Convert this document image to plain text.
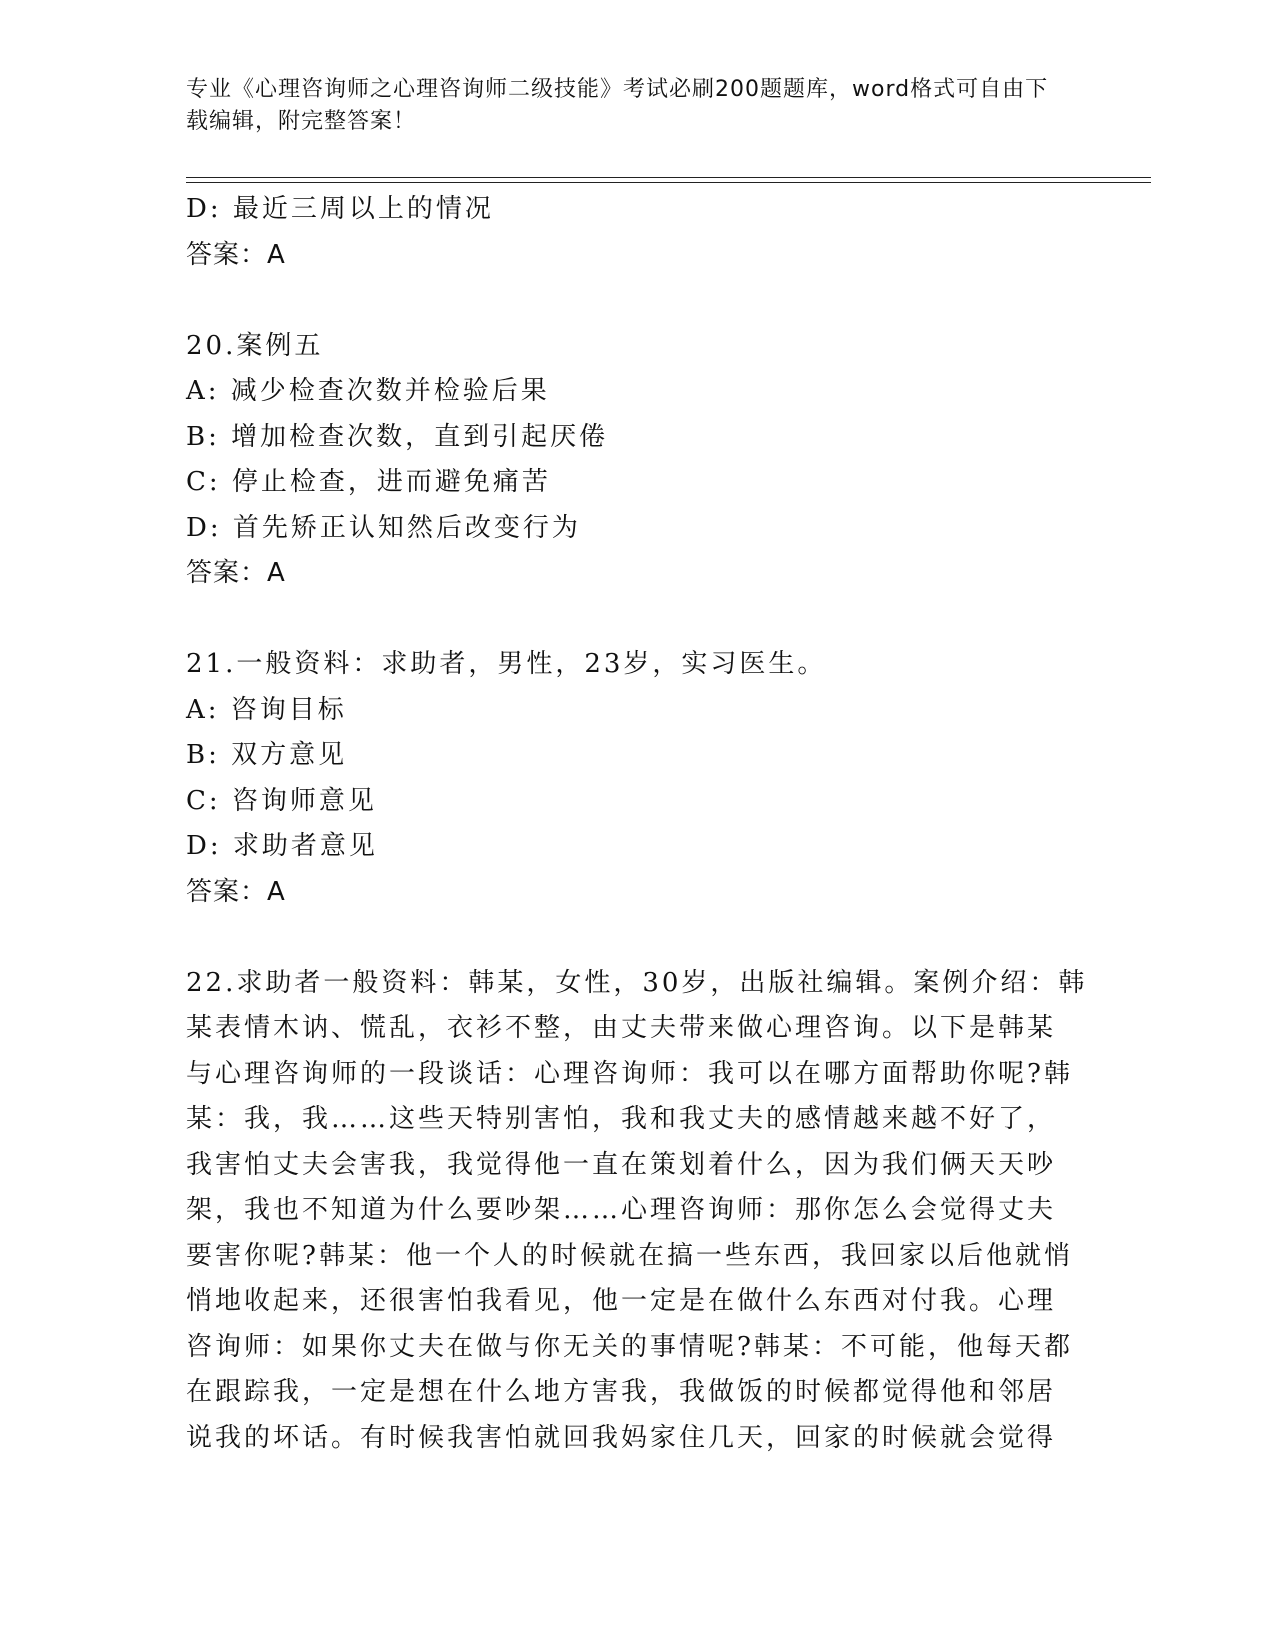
专业《心理咨询师之心理咨询师二级技能》考试必刷200题题库，word格式可自由下载编辑，附完整答案！
D: 最近三周以上的情况
答案：A
20.案例五
A: 减少检查次数并检验后果
B: 增加检查次数，直到引起厌倦
C: 停止检查，进而避免痛苦
D: 首先矫正认知然后改变行为
答案：A
21.一般资料：求助者，男性，23岁，实习医生。
A: 咨询目标
B: 双方意见
C: 咨询师意见
D: 求助者意见
答案：A
22.求助者一般资料：韩某，女性，30岁，出版社编辑。案例介绍：韩
某表情木讷、慌乱，衣衫不整，由丈夫带来做心理咨询。以下是韩某
与心理咨询师的一段谈话：心理咨询师：我可以在哪方面帮助你呢?韩
某：我，我……这些天特别害怕，我和我丈夫的感情越来越不好了，
我害怕丈夫会害我，我觉得他一直在策划着什么，因为我们俩天天吵
架，我也不知道为什么要吵架……心理咨询师：那你怎么会觉得丈夫
要害你呢?韩某：他一个人的时候就在搞一些东西，我回家以后他就悄
悄地收起来，还很害怕我看见，他一定是在做什么东西对付我。心理
咨询师：如果你丈夫在做与你无关的事情呢?韩某：不可能，他每天都
在跟踪我，一定是想在什么地方害我，我做饭的时候都觉得他和邻居
说我的坏话。有时候我害怕就回我妈家住几天，回家的时候就会觉得
